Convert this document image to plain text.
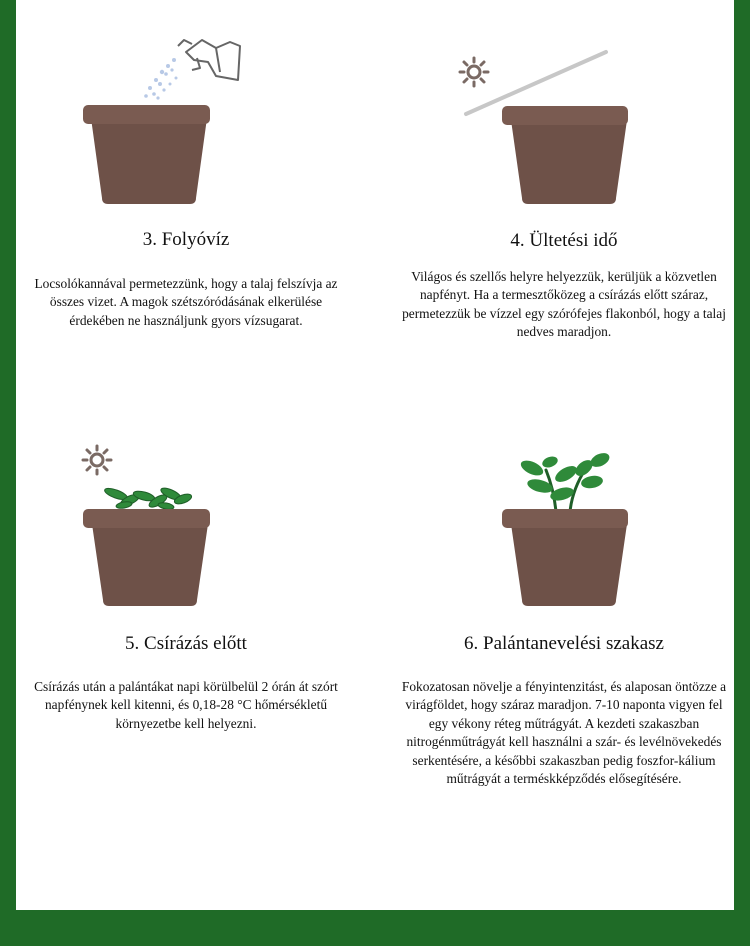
3. Folyóvíz
Locsolókannával permetezzünk, hogy a talaj felszívja az összes vizet. A magok szétszóródásának elkerülése érdekében ne használjunk gyors vízsugarat.
4. Ültetési idő
Világos és szellős helyre helyezzük, kerüljük a közvetlen napfényt. Ha a termesztőközeg a csírázás előtt száraz, permetezzük be vízzel egy szórófejes flakonból, hogy a talaj nedves maradjon.
5. Csírázás előtt
Csírázás után a palántákat napi körülbelül 2 órán át szórt napfénynek kell kitenni, és 0,18-28 °C hőmérsékletű környezetbe kell helyezni.
6. Palántanevelési szakasz
Fokozatosan növelje a fényintenzitást, és alaposan öntözze a virágföldet, hogy száraz maradjon. 7-10 naponta vigyen fel egy vékony réteg műtrágyát. A kezdeti szakaszban nitrogénműtrágyát kell használni a szár- és levélnövekedés serkentésére, a későbbi szakaszban pedig foszfor-kálium műtrágyát a terméskképződés elősegítésére.
